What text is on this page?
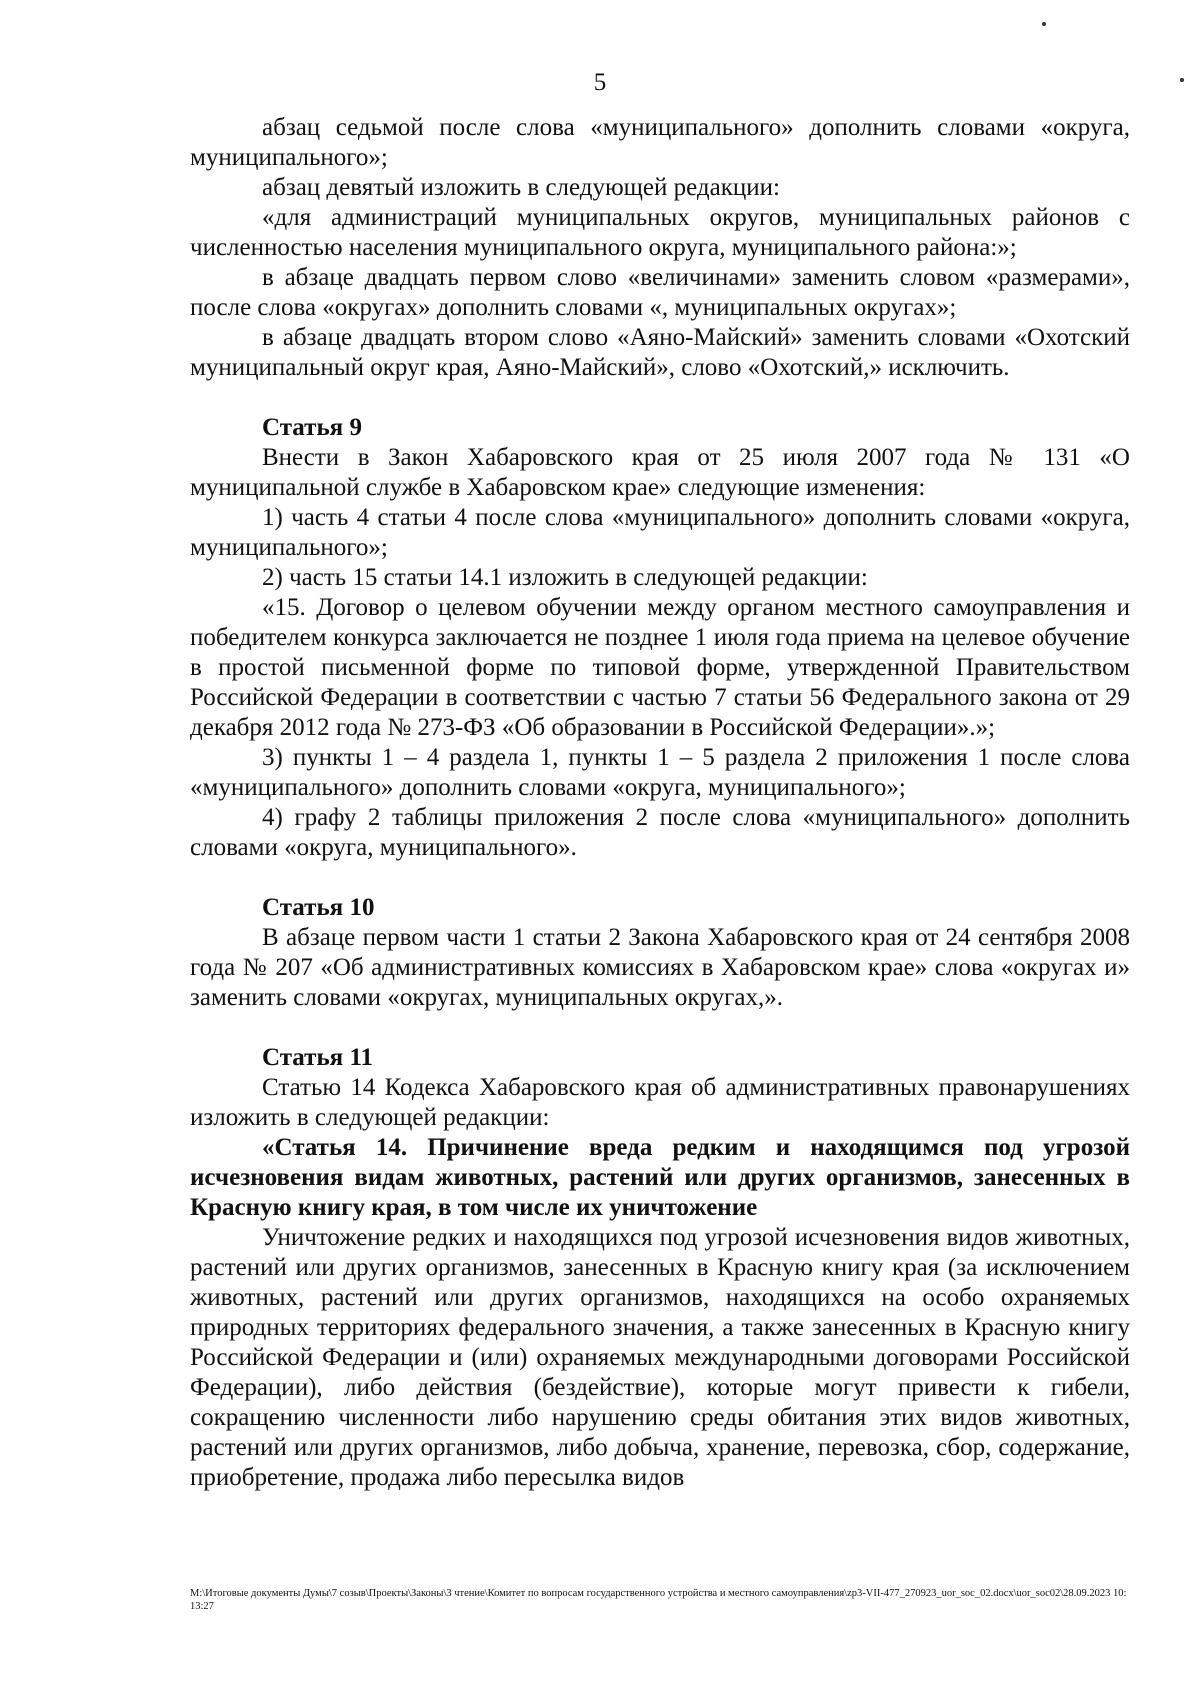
5

абзац седьмой после слова «муниципального» дополнить словами «округа, муниципального»;

абзац девятый изложить в следующей редакции:

«для администраций муниципальных округов, муниципальных районов с численностью населения муниципального округа, муниципального района:»;

в абзаце двадцать первом слово «величинами» заменить словом «размерами», после слова «округах» дополнить словами «, муниципальных округах»;

в абзаце двадцать втором слово «Аяно-Майский» заменить словами «Охотский муниципальный округ края, Аяно-Майский», слово «Охотский,» исключить.

Статья 9

Внести в Закон Хабаровского края от 25 июля 2007 года № 131 «О муниципальной службе в Хабаровском крае» следующие изменения:

1) часть 4 статьи 4 после слова «муниципального» дополнить словами «округа, муниципального»;

2) часть 15 статьи 14.1 изложить в следующей редакции:

«15. Договор о целевом обучении между органом местного самоуправления и победителем конкурса заключается не позднее 1 июля года приема на целевое обучение в простой письменной форме по типовой форме, утвержденной Правительством Российской Федерации в соответствии с частью 7 статьи 56 Федерального закона от 29 декабря 2012 года № 273-ФЗ «Об образовании в Российской Федерации».»;

3) пункты 1 – 4 раздела 1, пункты 1 – 5 раздела 2 приложения 1 после слова «муниципального» дополнить словами «округа, муниципального»;

4) графу 2 таблицы приложения 2 после слова «муниципального» дополнить словами «округа, муниципального».

Статья 10

В абзаце первом части 1 статьи 2 Закона Хабаровского края от 24 сентября 2008 года № 207 «Об административных комиссиях в Хабаровском крае» слова «округах и» заменить словами «округах, муниципальных округах,».

Статья 11

Статью 14 Кодекса Хабаровского края об административных правонарушениях изложить в следующей редакции:

«Статья 14. Причинение вреда редким и находящимся под угрозой исчезновения видам животных, растений или других организмов, занесенных в Красную книгу края, в том числе их уничтожение

Уничтожение редких и находящихся под угрозой исчезновения видов животных, растений или других организмов, занесенных в Красную книгу края (за исключением животных, растений или других организмов, находящихся на особо охраняемых природных территориях федерального значения, а также занесенных в Красную книгу Российской Федерации и (или) охраняемых международными договорами Российской Федерации), либо действия (бездействие), которые могут привести к гибели, сокращению численности либо нарушению среды обитания этих видов животных, растений или других организмов, либо добыча, хранение, перевозка, сбор, содержание, приобретение, продажа либо пересылка видов

M:\Итоговые документы Думы\7 созыв\Проекты\Законы\3 чтение\Комитет по вопросам государственного устройства и местного самоуправления\zp3-VII-477_270923_uor_soc_02.docx\uor_soc02\28.09.2023 10:13:27
